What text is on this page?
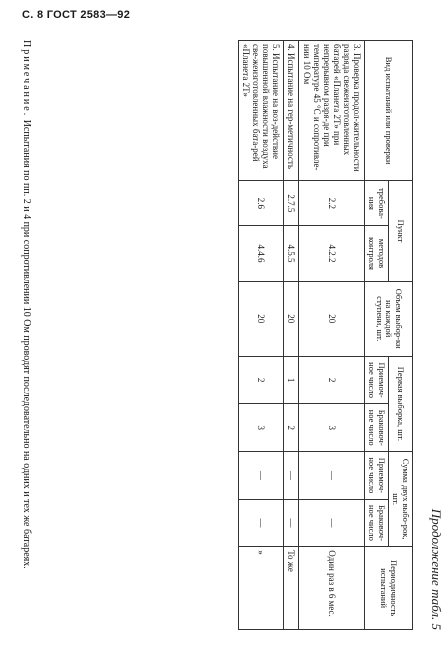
С. 8 ГОСТ 2583—92
Продолжение табл. 5
Вид испытаний или проверки	Пункт		Объем выбор-ки на каждой ступени, шт.	Первая выборка, шт.		Сумма двух выбо-рок, шт.		Периодичность испытаний
	требова-ния	методов контроля		Приемоч-ное число	Браковоч-ное число	Приемоч-ное число	Браковоч-ное число	
3. Проверка продол-жительности разряда свежеизготовленных батарей «Планета 2Т» при непрерывном разря-де при температуре 45 °С и сопротивле-нии 10 Ом	2.2	4.2.2	20	2	3	—	—	Один раз в 6 мес.
4. Испытание на гер-метичность	2.7.5	4.5.5	20	1	2	—	—	То же
5. Испытание на воз-действие повышенной влажности воздуха све-жеизготовленных бата-рей «Планета 2Т»	2.6	4.4.6	20	2	3	—	—	»
Примечание. Испытания по пп. 2 и 4 при сопротивлении 10 Ом проводят последовательно на одних и тех же батареях.
